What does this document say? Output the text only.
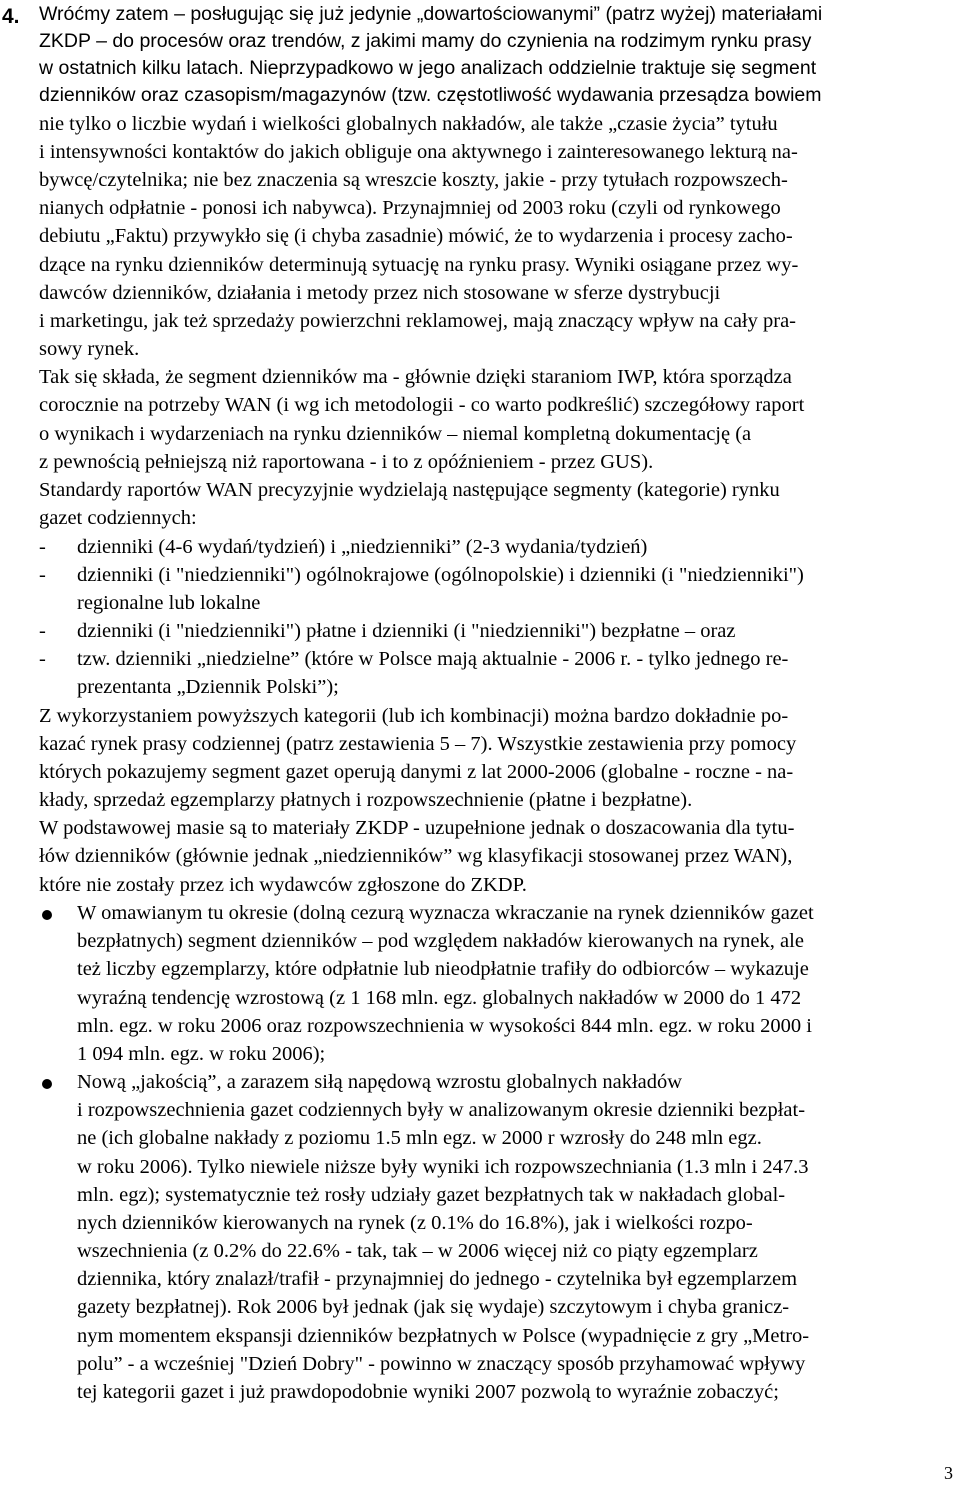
4. Wróćmy zatem – posługując się już jedynie „dowartościowanymi” (patrz wyżej) materiałami
ZKDP – do procesów oraz trendów, z jakimi mamy do czynienia na rodzimym rynku prasy
w ostatnich kilku latach. Nieprzypadkowo w jego analizach oddzielnie traktuje się segment
dzienników oraz czasopism/magazynów (tzw. częstotliwość wydawania przesądza bowiem
nie tylko o liczbie wydań i wielkości globalnych nakładów, ale także „czasie życia” tytułu
i intensywności kontaktów do jakich obliguje ona aktywnego i zainteresowanego lekturą na-
bywcę/czytelnika; nie bez znaczenia są wreszcie koszty, jakie - przy tytułach rozpowszech-
nianych odpłatnie - ponosi ich nabywca). Przynajmniej od 2003 roku (czyli od rynkowego
debiutu „Faktu) przywykło się (i chyba zasadnie) mówić, że to wydarzenia i procesy zacho-
dzące na rynku dzienników determinują sytuację na rynku prasy. Wyniki osiągane przez wy-
dawców dzienników, działania i metody przez nich stosowane w sferze dystrybucji
i marketingu, jak też sprzedaży powierzchni reklamowej, mają znaczący wpływ na cały pra-
sowy rynek.
Tak się składa, że segment dzienników ma - głównie dzięki staraniom IWP, która sporządza
corocznie na potrzeby WAN (i wg ich metodologii - co warto podkreślić) szczegółowy raport
o wynikach i wydarzeniach na rynku dzienników – niemal kompletną dokumentację (a
z pewnością pełniejszą niż raportowana - i to z opóźnieniem - przez GUS).
Standardy raportów WAN precyzyjnie wydzielają następujące segmenty (kategorie) rynku
gazet codziennych:
- dzienniki (4-6 wydań/tydzień) i „niedzienniki” (2-3 wydania/tydzień)
- dzienniki (i "niedzienniki") ogólnokrajowe (ogólnopolskie) i dzienniki (i "niedzienniki")
regionalne lub lokalne
- dzienniki (i "niedzienniki") płatne i dzienniki (i "niedzienniki") bezpłatne – oraz
- tzw. dzienniki „niedzielne” (które w Polsce mają aktualnie - 2006 r. - tylko jednego re-
prezentanta „Dziennik Polski”);
Z wykorzystaniem powyższych kategorii (lub ich kombinacji) można bardzo dokładnie po-
kazać rynek prasy codziennej (patrz zestawienia 5 – 7). Wszystkie zestawienia przy pomocy
których pokazujemy segment gazet operują danymi z lat 2000-2006 (globalne - roczne - na-
kłady, sprzedaż egzemplarzy płatnych i rozpowszechnienie (płatne i bezpłatne).
W podstawowej masie są to materiały ZKDP - uzupełnione jednak o doszacowania dla tytu-
łów dzienników (głównie jednak „niedzienników” wg klasyfikacji stosowanej przez WAN),
które nie zostały przez ich wydawców zgłoszone do ZKDP.
W omawianym tu okresie (dolną cezurą wyznacza wkraczanie na rynek dzienników gazet
bezpłatnych) segment dzienników – pod względem nakładów kierowanych na rynek, ale
też liczby egzemplarzy, które odpłatnie lub nieodpłatnie trafiły do odbiorców – wykazuje
wyraźną tendencję wzrostową (z 1 168 mln. egz. globalnych nakładów w 2000 do 1 472
mln. egz. w roku 2006 oraz rozpowszechnienia w wysokości 844 mln. egz. w roku 2000 i
1 094 mln. egz. w roku 2006);
Nową „jakością”, a zarazem siłą napędową wzrostu globalnych nakładów
i rozpowszechnienia gazet codziennych były w analizowanym okresie dzienniki bezpłat-
ne (ich globalne nakłady z poziomu 1.5 mln egz. w 2000 r wzrosły do 248 mln egz.
w roku 2006). Tylko niewiele niższe były wyniki ich rozpowszechniania (1.3 mln i 247.3
mln. egz); systematycznie też rosły udziały gazet bezpłatnych tak w nakładach global-
nych dzienników kierowanych na rynek (z 0.1% do 16.8%), jak i wielkości rozpo-
wszechnienia (z 0.2% do 22.6% - tak, tak – w 2006 więcej niż co piąty egzemplarz
dziennika, który znalazł/trafił - przynajmniej do jednego - czytelnika był egzemplarzem
gazety bezpłatnej). Rok 2006 był jednak (jak się wydaje) szczytowym i chyba granicz-
nym momentem ekspansji dzienników bezpłatnych w Polsce (wypadnięcie z gry „Metro-
polu” - a wcześniej "Dzień Dobry" - powinno w znaczący sposób przyhamować wpływy
tej kategorii gazet i już prawdopodobnie wyniki 2007 pozwolą to wyraźnie zobaczyć;
3
